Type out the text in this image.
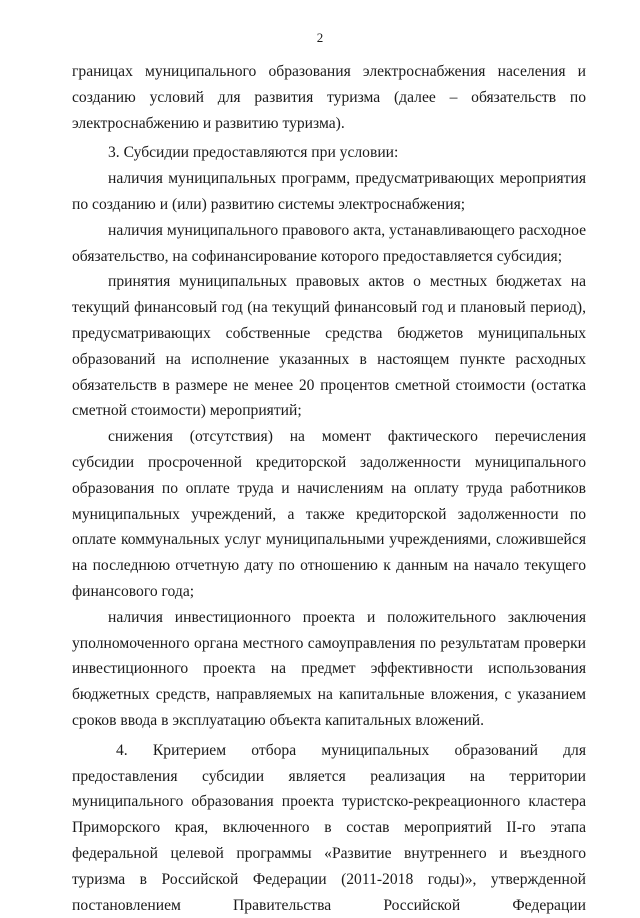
2

границах муниципального образования электроснабжения населения и созданию условий для развития туризма (далее – обязательств по электроснабжению и развитию туризма).

3. Субсидии предоставляются при условии:

наличия муниципальных программ, предусматривающих мероприятия по созданию и (или) развитию системы электроснабжения;

наличия муниципального правового акта, устанавливающего расходное обязательство, на софинансирование которого предоставляется субсидия;

принятия муниципальных правовых актов о местных бюджетах на текущий финансовый год (на текущий финансовый год и плановый период), предусматривающих собственные средства бюджетов муниципальных образований на исполнение указанных в настоящем пункте расходных обязательств в размере не менее 20 процентов сметной стоимости (остатка сметной стоимости) мероприятий;

снижения (отсутствия) на момент фактического перечисления субсидии просроченной кредиторской задолженности муниципального образования по оплате труда и начислениям на оплату труда работников муниципальных учреждений, а также кредиторской задолженности по оплате коммунальных услуг муниципальными учреждениями, сложившейся на последнюю отчетную дату по отношению к данным на начало текущего финансового года;

наличия инвестиционного проекта и положительного заключения уполномоченного органа местного самоуправления по результатам проверки инвестиционного проекта на предмет эффективности использования бюджетных средств, направляемых на капитальные вложения, с указанием сроков ввода в эксплуатацию объекта капитальных вложений.

4. Критерием отбора муниципальных образований для предоставления субсидии является реализация на территории муниципального образования проекта туристско-рекреационного кластера Приморского края, включенного в состав мероприятий II-го этапа федеральной целевой программы «Развитие внутреннего и въездного туризма в Российской Федерации (2011-2018 годы)», утвержденной постановлением Правительства Российской Федерации
